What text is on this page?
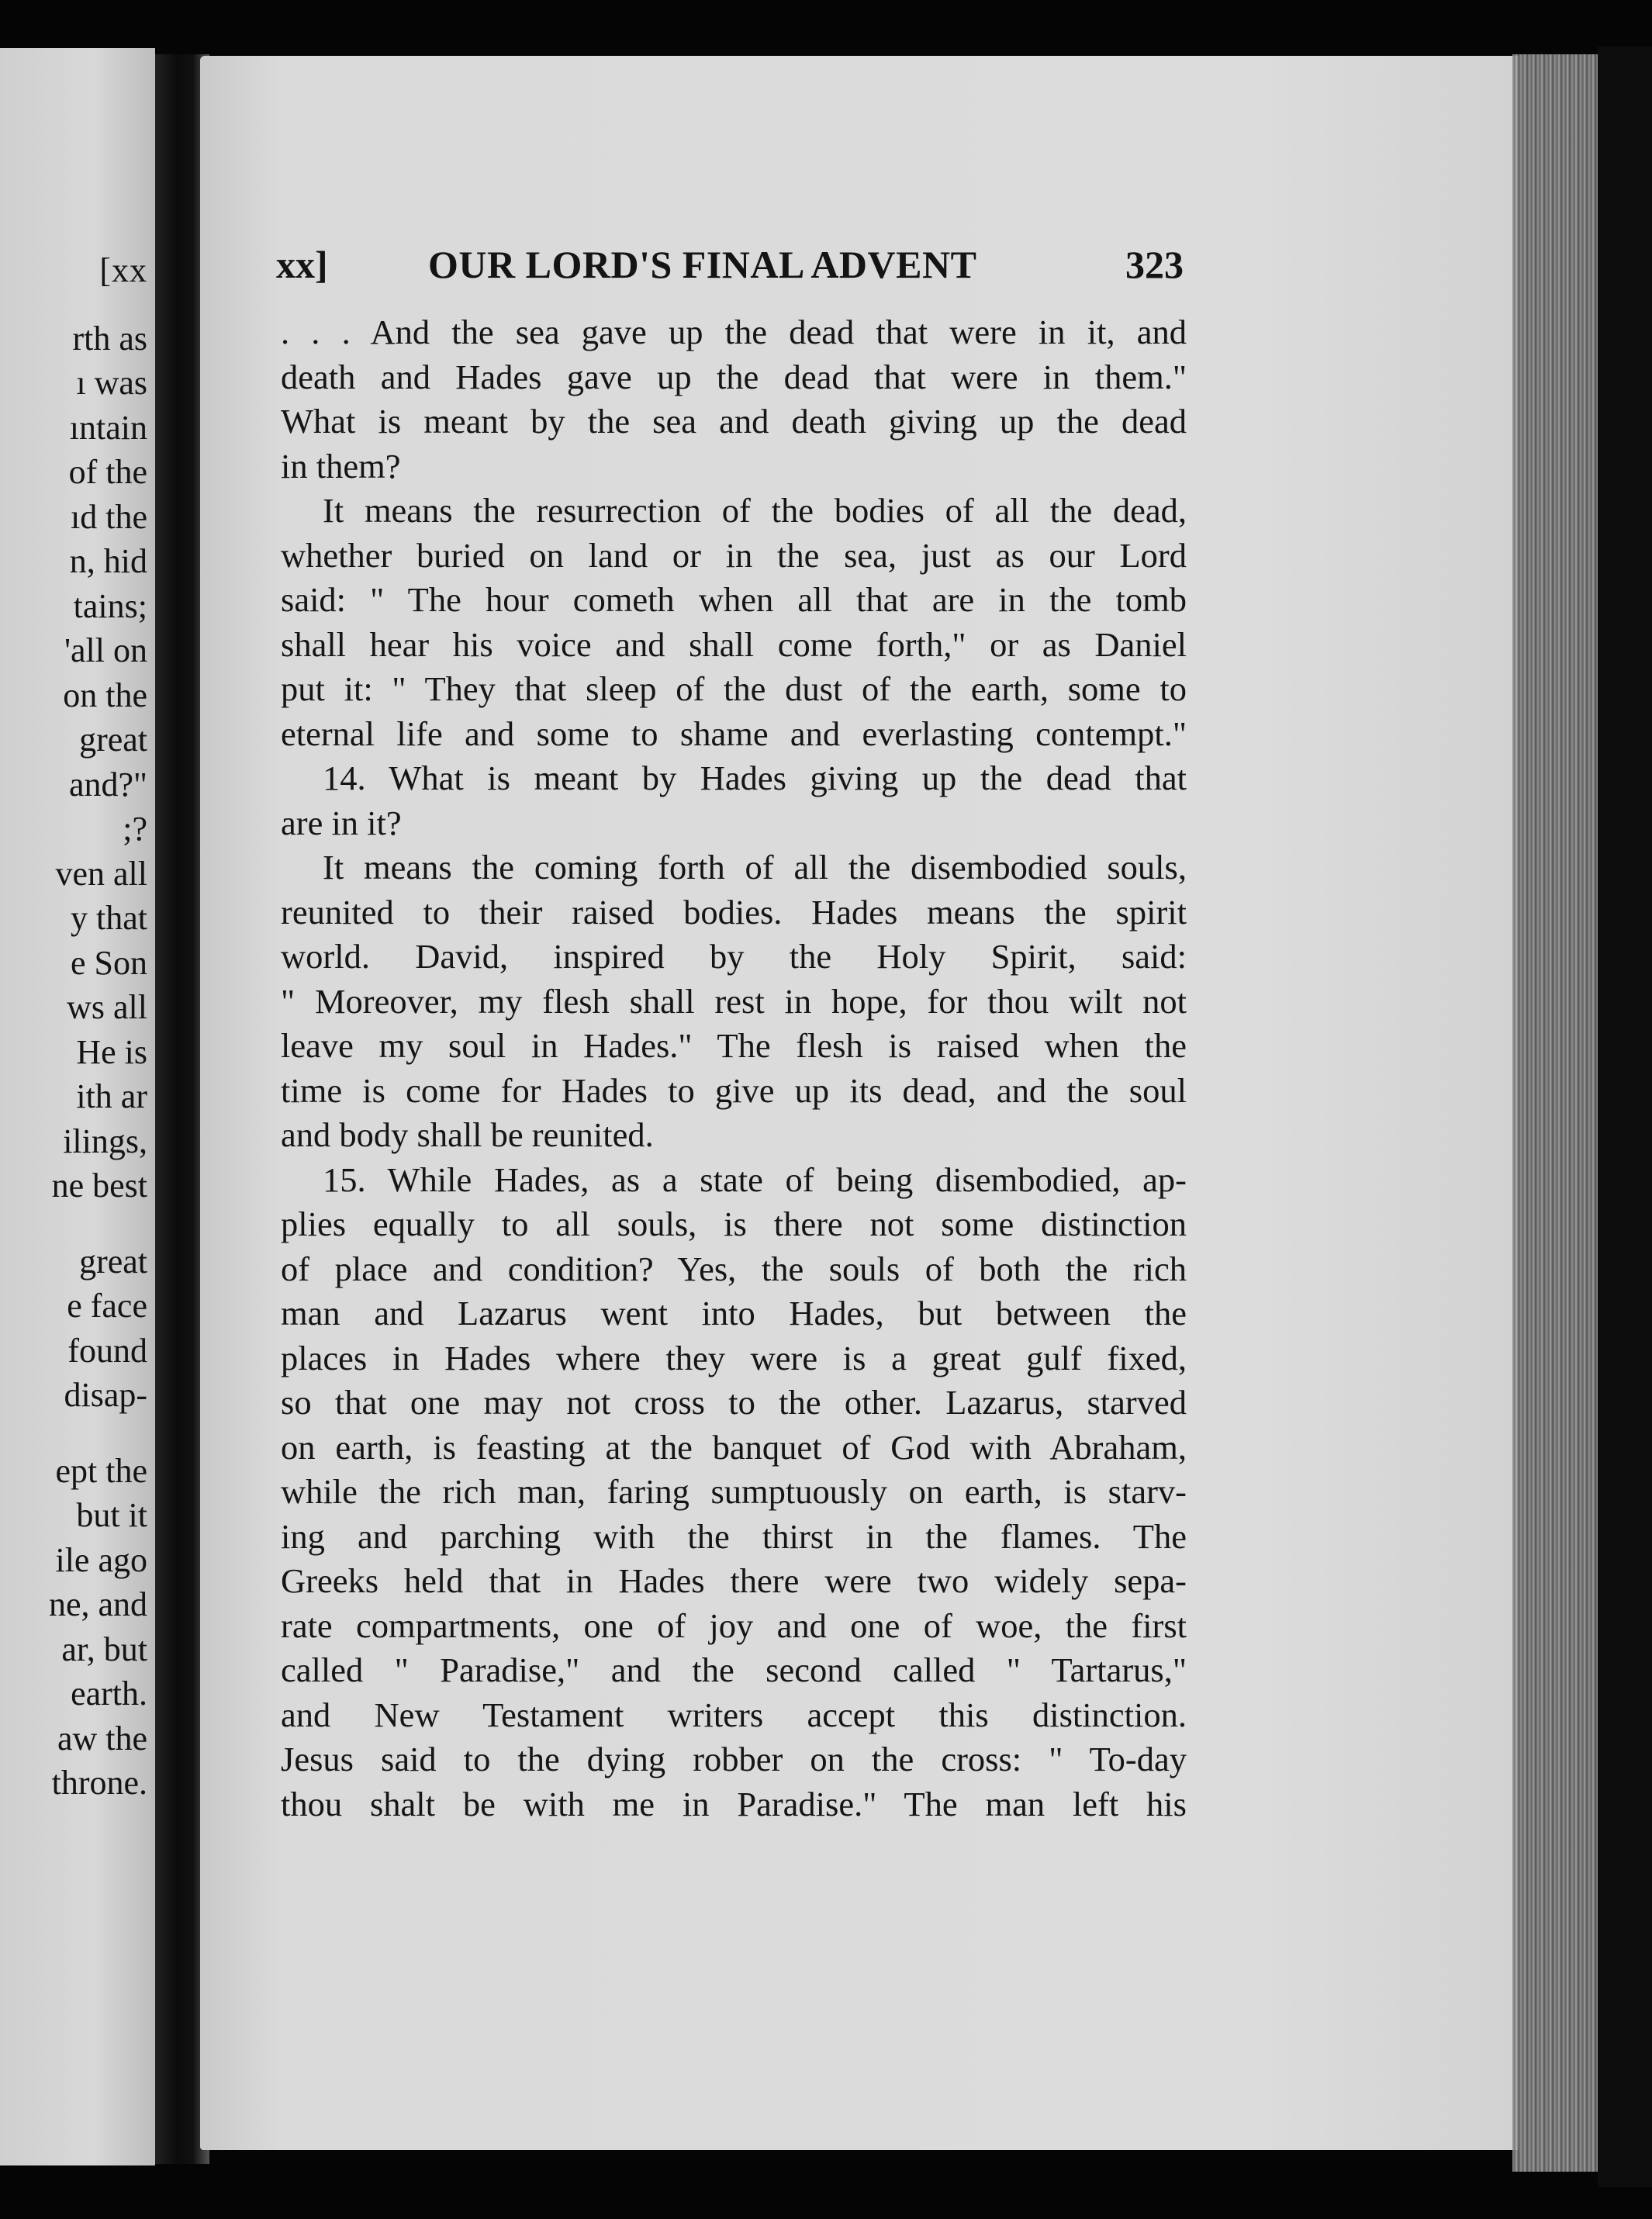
[xx
rth as
ı was
ıntain
of the
ıd the
n, hid
tains;
'all on
on the
great
and?"
;?
ven all
y that
e Son
ws all
He is
ith ar
ilings,
ne best
great
e face
found
disap-
ept the
but it
ile ago
ne, and
ar, but
earth.
aw the
throne.
xx]	OUR LORD'S FINAL ADVENT	323
. . . And the sea gave up the dead that were in it, and
death and Hades gave up the dead that were in them."
What is meant by the sea and death giving up the dead
in them?
It means the resurrection of the bodies of all the dead,
whether buried on land or in the sea, just as our Lord
said: " The hour cometh when all that are in the tomb
shall hear his voice and shall come forth," or as Daniel
put it: " They that sleep of the dust of the earth, some to
eternal life and some to shame and everlasting contempt."
14. What is meant by Hades giving up the dead that
are in it?
It means the coming forth of all the disembodied souls,
reunited to their raised bodies. Hades means the spirit
world. David, inspired by the Holy Spirit, said:
" Moreover, my flesh shall rest in hope, for thou wilt not
leave my soul in Hades." The flesh is raised when the
time is come for Hades to give up its dead, and the soul
and body shall be reunited.
15. While Hades, as a state of being disembodied, ap-
plies equally to all souls, is there not some distinction
of place and condition? Yes, the souls of both the rich
man and Lazarus went into Hades, but between the
places in Hades where they were is a great gulf fixed,
so that one may not cross to the other. Lazarus, starved
on earth, is feasting at the banquet of God with Abraham,
while the rich man, faring sumptuously on earth, is starv-
ing and parching with the thirst in the flames. The
Greeks held that in Hades there were two widely sepa-
rate compartments, one of joy and one of woe, the first
called " Paradise," and the second called " Tartarus,"
and New Testament writers accept this distinction.
Jesus said to the dying robber on the cross: " To-day
thou shalt be with me in Paradise." The man left his
